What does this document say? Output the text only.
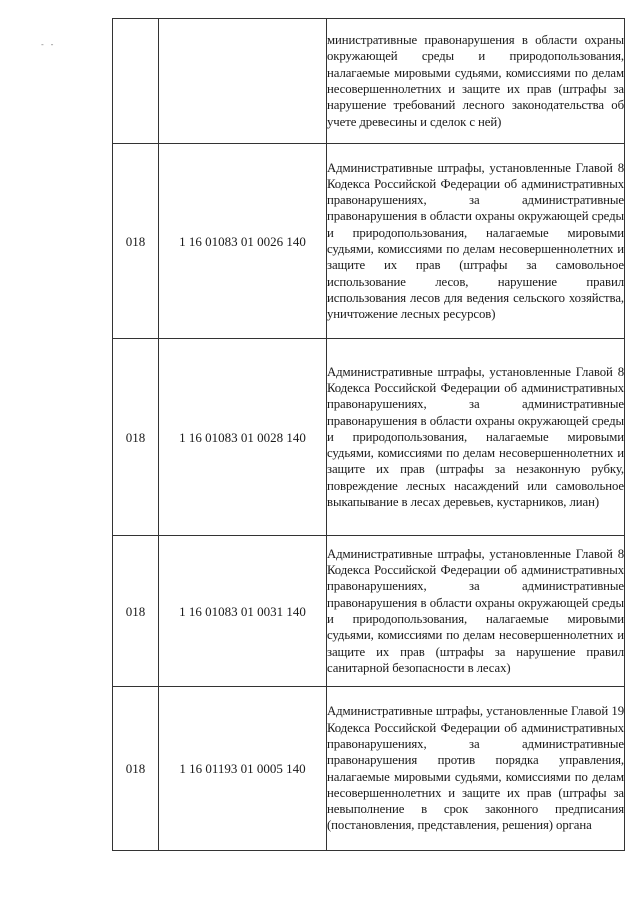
- -
			министративные правонарушения в области охраны окружающей среды и природопользования, налагаемые мировыми судьями, комиссиями по делам несовершеннолетних и защите их прав (штрафы за нарушение требований лесного законодательства об учете древесины и сделок с ней)
018	1 16 01083 01 0026 140	Административные штрафы, установленные Главой 8 Кодекса Российской Федерации об административных правонарушениях, за административные правонарушения в области охраны окружающей среды и природопользования, налагаемые мировыми судьями, комиссиями по делам несовершеннолетних и защите их прав (штрафы за самовольное использование лесов, нарушение правил использования лесов для ведения сельского хозяйства, уничтожение лесных ресурсов)
018	1 16 01083 01 0028 140	Административные штрафы, установленные Главой 8 Кодекса Российской Федерации об административных правонарушениях, за административные правонарушения в области охраны окружающей среды и природопользования, налагаемые мировыми судьями, комиссиями по делам несовершеннолетних и защите их прав (штрафы за незаконную рубку, повреждение лесных насаждений или самовольное выкапывание в лесах деревьев, кустарников, лиан)
018	1 16 01083 01 0031 140	Административные штрафы, установленные Главой 8 Кодекса Российской Федерации об административных правонарушениях, за административные правонарушения в области охраны окружающей среды и природопользования, налагаемые мировыми судьями, комиссиями по делам несовершеннолетних и защите их прав (штрафы за нарушение правил санитарной безопасности в лесах)
018	1 16 01193 01 0005 140	Административные штрафы, установленные Главой 19 Кодекса Российской Федерации об административных правонарушениях, за административные правонарушения против порядка управления, налагаемые мировыми судьями, комиссиями по делам несовершеннолетних и защите их прав (штрафы за невыполнение в срок законного предписания (постановления, представления, решения) органа
